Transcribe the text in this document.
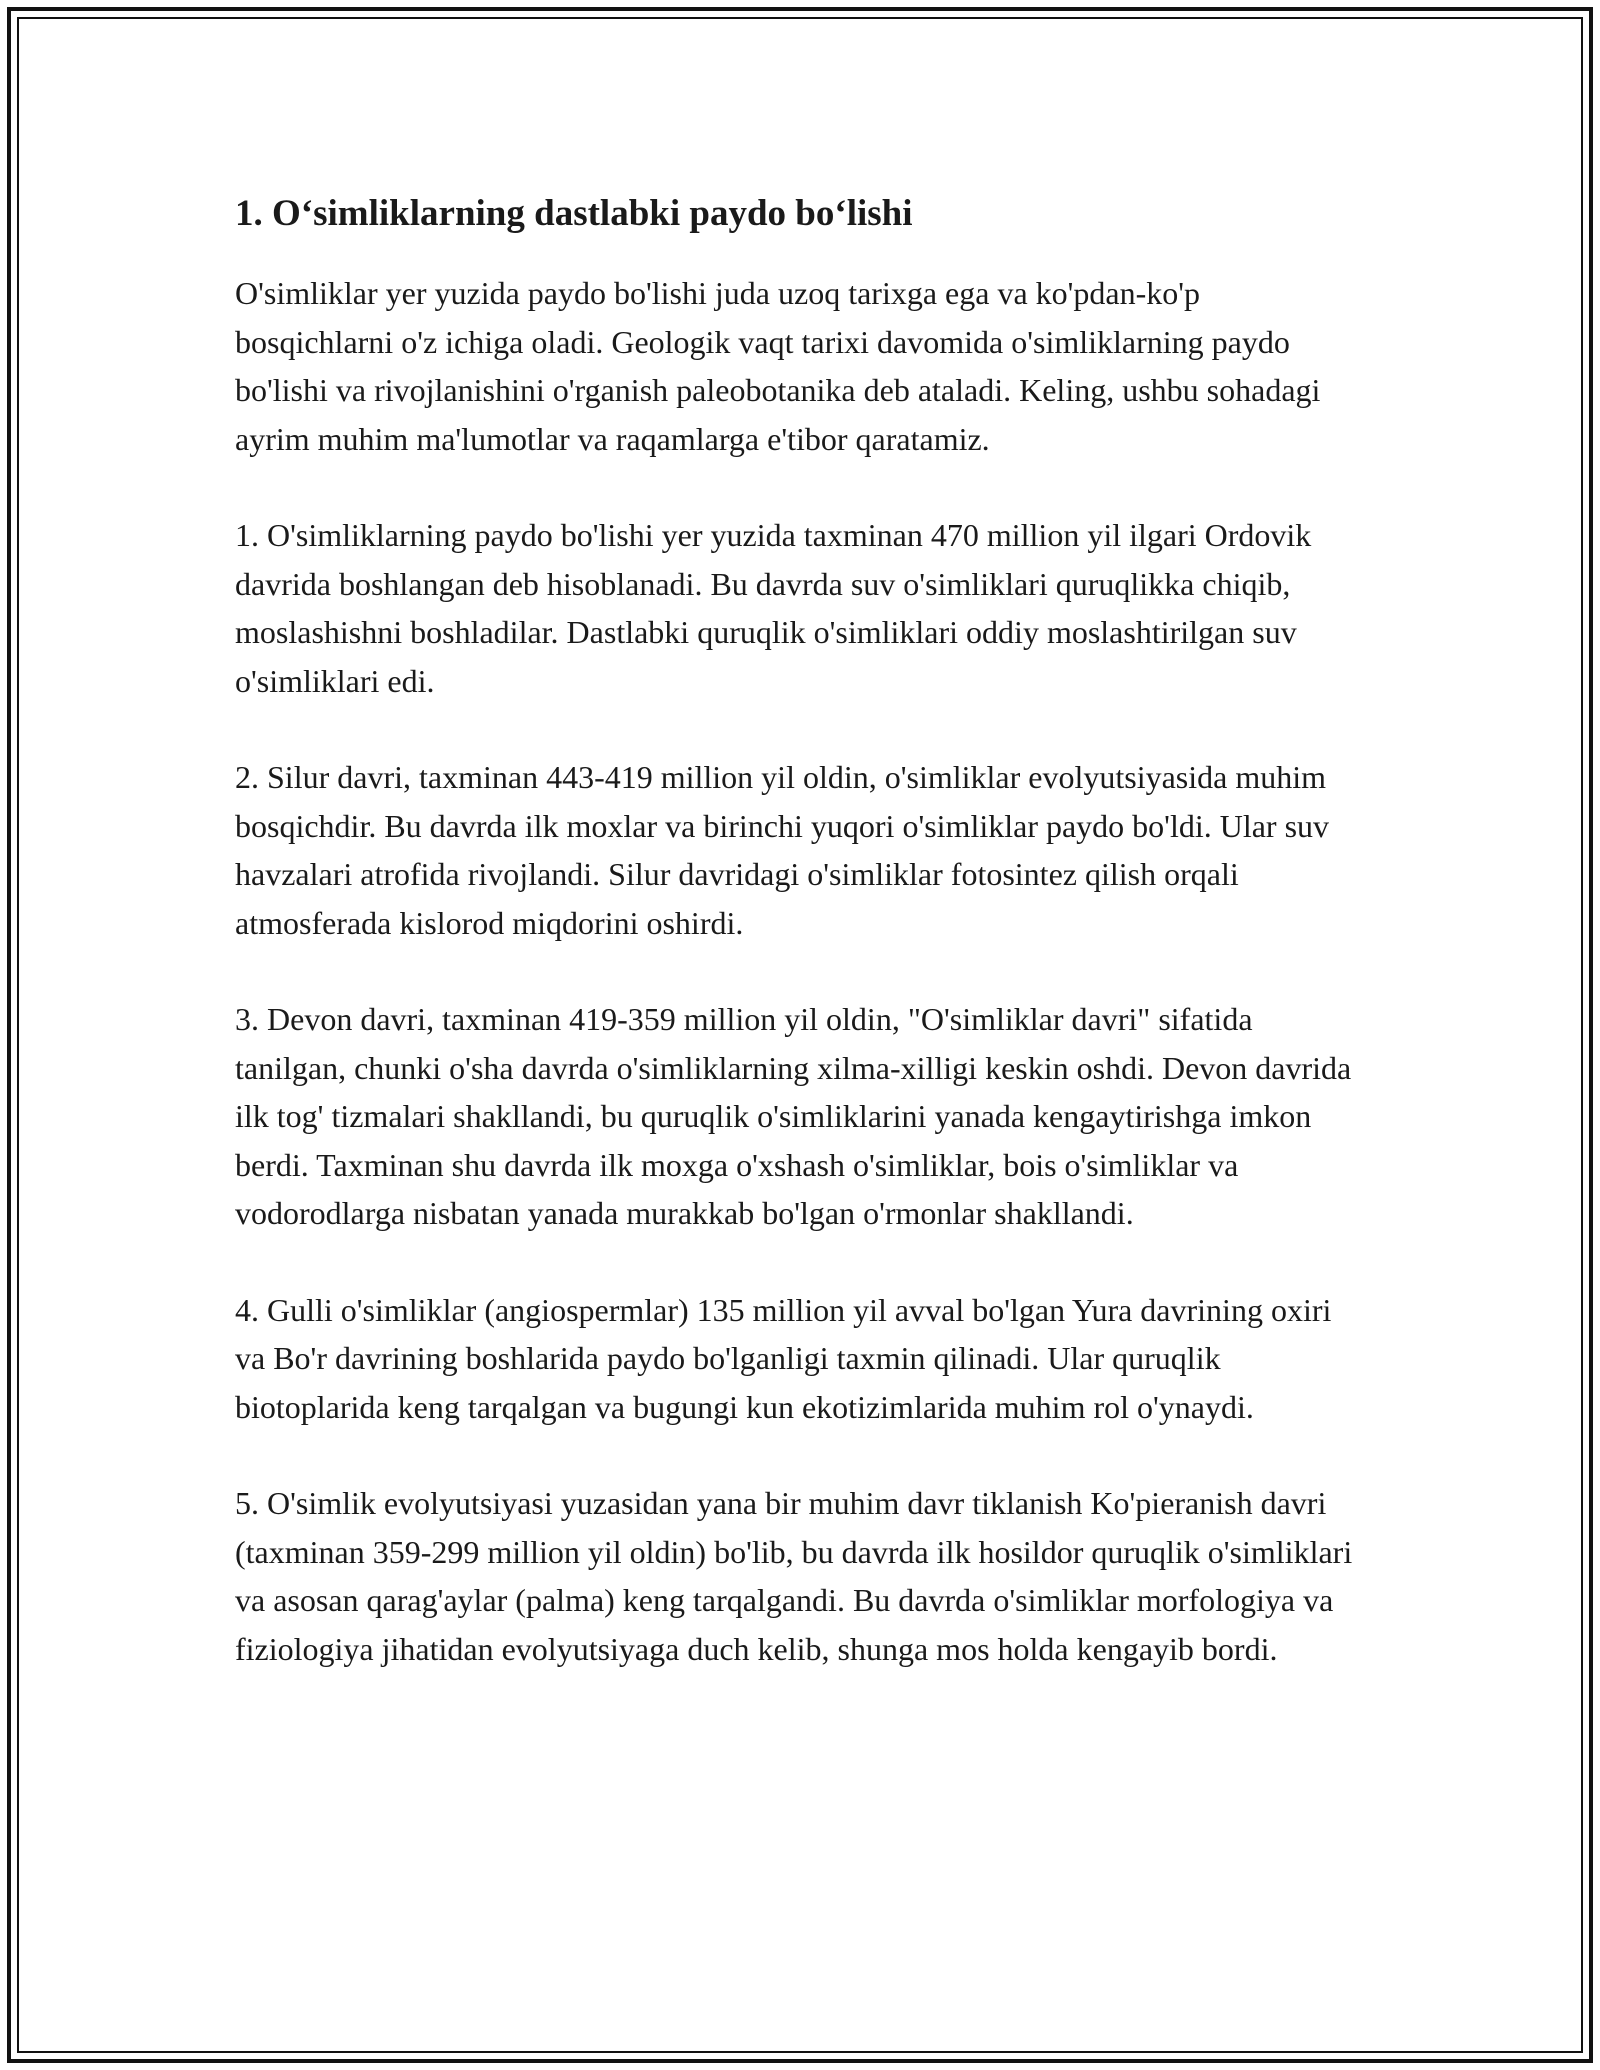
1. O‘simliklarning dastlabki paydo bo‘lishi

O'simliklar yer yuzida paydo bo'lishi juda uzoq tarixga ega va ko'pdan-ko'p bosqichlarni o'z ichiga oladi. Geologik vaqt tarixi davomida o'simliklarning paydo bo'lishi va rivojlanishini o'rganish paleobotanika deb ataladi. Keling, ushbu sohadagi ayrim muhim ma'lumotlar va raqamlarga e'tibor qaratamiz.

1. O'simliklarning paydo bo'lishi yer yuzida taxminan 470 million yil ilgari Ordovik davrida boshlangan deb hisoblanadi. Bu davrda suv o'simliklari quruqlikka chiqib, moslashishni boshladilar. Dastlabki quruqlik o'simliklari oddiy moslashtirilgan suv o'simliklari edi.

2. Silur davri, taxminan 443-419 million yil oldin, o'simliklar evolyutsiyasida muhim bosqichdir. Bu davrda ilk moxlar va birinchi yuqori o'simliklar paydo bo'ldi. Ular suv havzalari atrofida rivojlandi. Silur davridagi o'simliklar fotosintez qilish orqali atmosferada kislorod miqdorini oshirdi.

3. Devon davri, taxminan 419-359 million yil oldin, "O'simliklar davri" sifatida tanilgan, chunki o'sha davrda o'simliklarning xilma-xilligi keskin oshdi. Devon davrida ilk tog' tizmalari shakllandi, bu quruqlik o'simliklarini yanada kengaytirishga imkon berdi. Taxminan shu davrda ilk moxga o'xshash o'simliklar, bois o'simliklar va vodorodlarga nisbatan yanada murakkab bo'lgan o'rmonlar shakllandi.

4. Gulli o'simliklar (angiospermlar) 135 million yil avval bo'lgan Yura davrining oxiri va Bo'r davrining boshlarida paydo bo'lganligi taxmin qilinadi. Ular quruqlik biotoplarida keng tarqalgan va bugungi kun ekotizimlarida muhim rol o'ynaydi.

5. O'simlik evolyutsiyasi yuzasidan yana bir muhim davr tiklanish Ko'pieranish davri (taxminan 359-299 million yil oldin) bo'lib, bu davrda ilk hosildor quruqlik o'simliklari va asosan qarag'aylar (palma) keng tarqalgandi. Bu davrda o'simliklar morfologiya va fiziologiya jihatidan evolyutsiyaga duch kelib, shunga mos holda kengayib bordi.
